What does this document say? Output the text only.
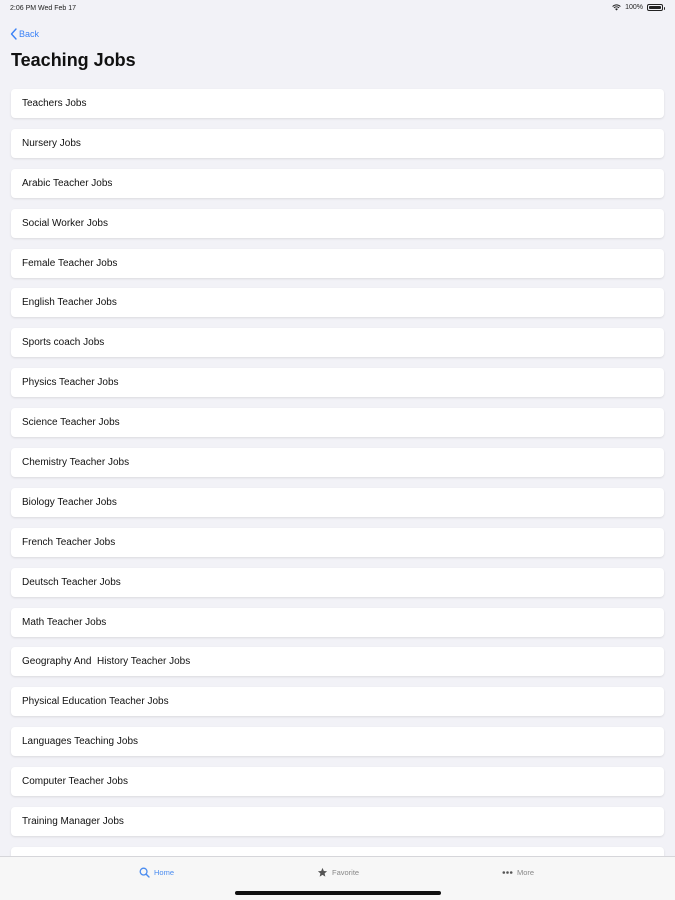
2:06 PM Wed Feb 17	100%
Back
Teaching Jobs
Teachers Jobs
Nursery Jobs
Arabic Teacher Jobs
Social Worker Jobs
Female Teacher Jobs
English Teacher Jobs
Sports coach Jobs
Physics Teacher Jobs
Science Teacher Jobs
Chemistry Teacher Jobs
Biology Teacher Jobs
French Teacher Jobs
Deutsch Teacher Jobs
Math Teacher Jobs
Geography And  History Teacher Jobs
Physical Education Teacher Jobs
Languages Teaching Jobs
Computer Teacher Jobs
Training Manager Jobs
Home	Favorite	More
